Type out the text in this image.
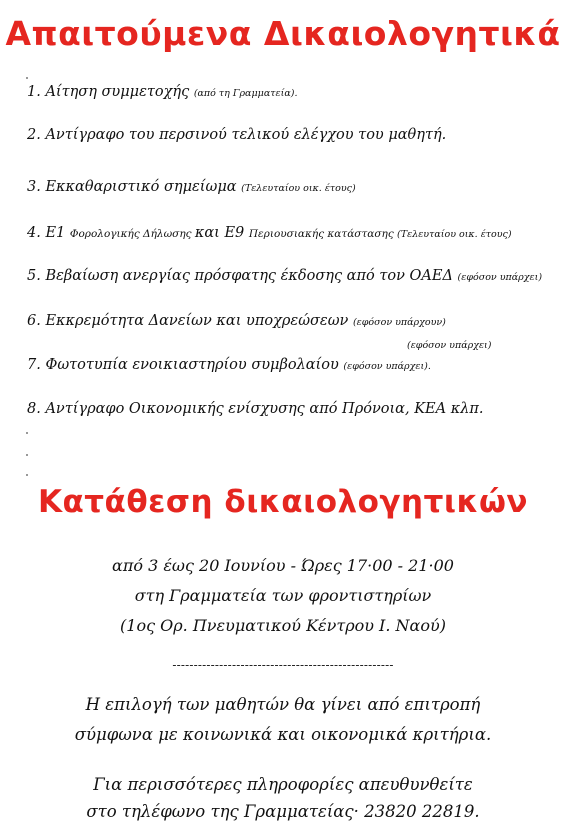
Απαιτούμενα Δικαιολογητικά
1. Αίτηση συμμετοχής (από τη Γραμματεία).
2. Αντίγραφο του περσινού τελικού ελέγχου του μαθητή.
3. Εκκαθαριστικό σημείωμα (Τελευταίου οικ. έτους)
4. Ε1 Φορολογικής Δήλωσης και Ε9 Περιουσιακής κατάστασης (Τελευταίου οικ. έτους)
5. Βεβαίωση ανεργίας πρόσφατης έκδοσης από τον ΟΑΕΔ (εφόσον υπάρχει)
6. Εκκρεμότητα Δανείων και υποχρεώσεων (εφόσον υπάρχουν)
7. Φωτοτυπία ενοικιαστηρίου συμβολαίου (εφόσον υπάρχει).
8. Αντίγραφο Οικονομικής ενίσχυσης από Πρόνοια, ΚΕΑ κλπ.
(εφόσον υπάρχει)
Κατάθεση δικαιολογητικών

από 3 έως 20 Ιουνίου - Ώρες 17·00 - 21·00
στη Γραμματεία των φροντιστηρίων
(1ος Ορ. Πνευματικού Κέντρου Ι. Ναού)

----------------------------------------------------

Η επιλογή των μαθητών θα γίνει από επιτροπή
σύμφωνα με κοινωνικά και οικονομικά κριτήρια.

Για περισσότερες πληροφορίες απευθυνθείτε
στο τηλέφωνο της Γραμματείας· 23820 22819.
